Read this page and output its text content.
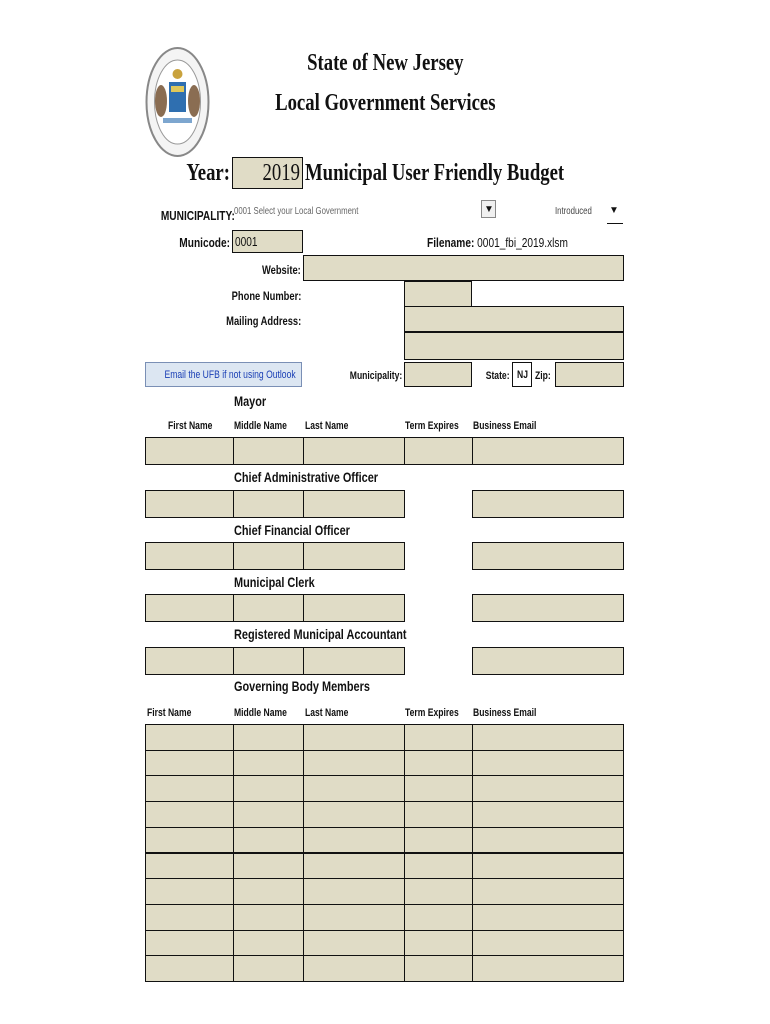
State of New Jersey
Local Government Services
Year: 2019 Municipal User Friendly Budget
MUNICIPALITY: 0001 Select your Local Government	▼	Introduced	▼
Municode: 0001	Filename: 0001_fbi_2019.xlsm
Website:
Phone Number:
Mailing Address:
Email the UFB if not using Outlook	Municipality:	State: NJ Zip:
Mayor
First Name	Middle Name	Last Name	Term Expires	Business Email
Chief Administrative Officer
Chief Financial Officer
Municipal Clerk
Registered Municipal Accountant
Governing Body Members
First Name	Middle Name	Last Name	Term Expires	Business Email
